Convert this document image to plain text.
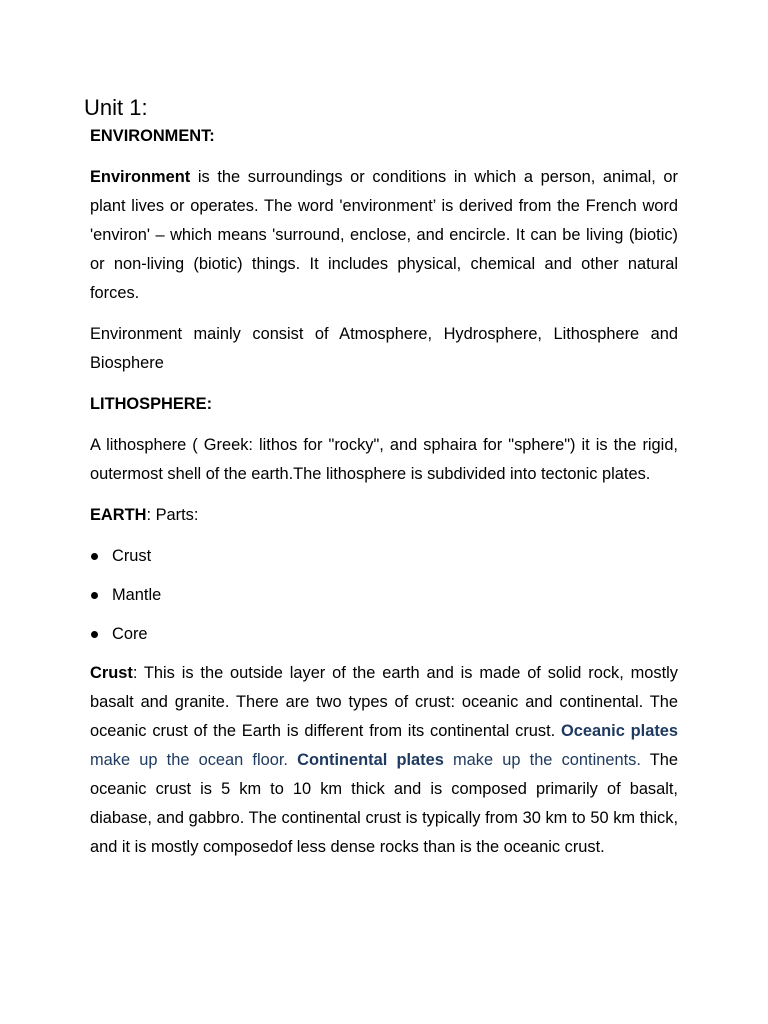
Unit 1:

ENVIRONMENT:

Environment is the surroundings or conditions in which a person, animal, or plant lives or operates. The word 'environment’ is derived from the French word 'environ' – which means 'surround, enclose, and encircle. It can be living (biotic) or non-living (biotic) things. It includes physical, chemical and other natural forces.

Environment mainly consist of Atmosphere, Hydrosphere, Lithosphere and Biosphere

LITHOSPHERE:

A lithosphere ( Greek: lithos for "rocky", and sphaira for "sphere") it is the rigid, outermost shell of the earth.The lithosphere is subdivided into tectonic plates.

EARTH: Parts:

Crust
Mantle
Core

Crust: This is the outside layer of the earth and is made of solid rock, mostly basalt and granite. There are two types of crust: oceanic and continental. The oceanic crust of the Earth is different from its continental crust. Oceanic plates make up the ocean floor. Continental plates make up the continents. The oceanic crust is 5 km to 10 km thick and is composed primarily of basalt, diabase, and gabbro. The continental crust is typically from 30 km to 50 km thick, and it is mostly composedof less dense rocks than is the oceanic crust.
